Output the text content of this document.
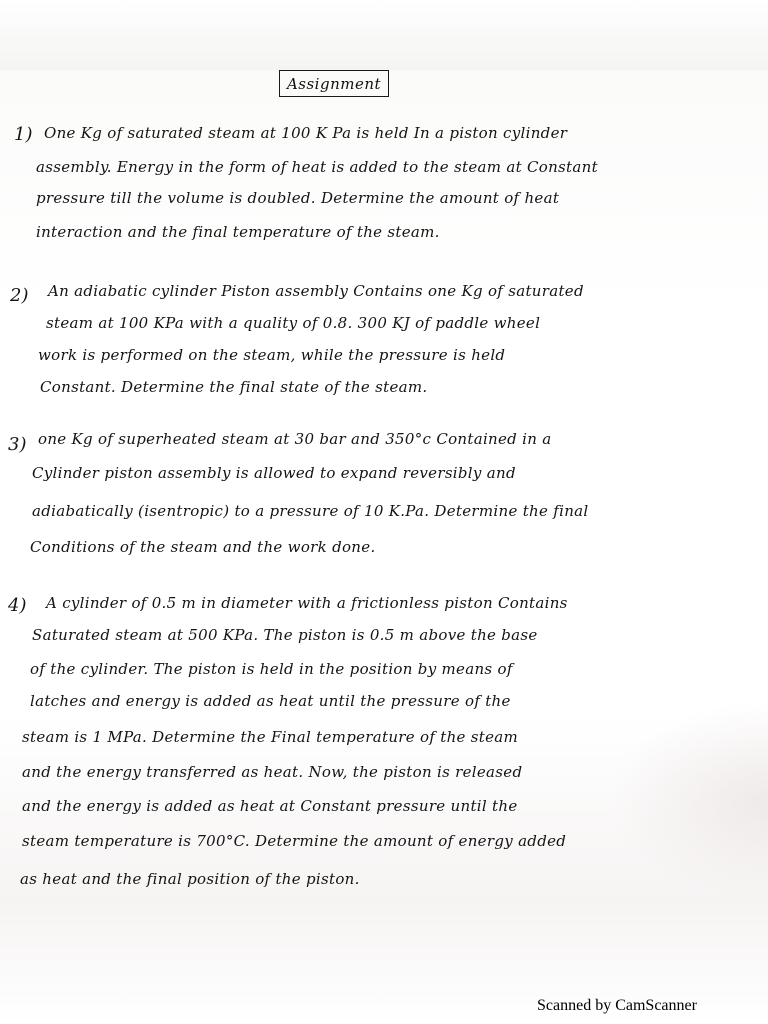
Assignment
1) One Kg of saturated steam at 100 K Pa is held In a piston cylinder
assembly. Energy in the form of heat is added to the steam at Constant
pressure till the volume is doubled. Determine the amount of heat
interaction and the final temperature of the steam.
2) An adiabatic cylinder Piston assembly Contains one Kg of saturated
steam at 100 KPa with a quality of 0.8. 300 KJ of paddle wheel
work is performed on the steam, while the pressure is held
Constant. Determine the final state of the steam.
3) one Kg of superheated steam at 30 bar and 350°c Contained in a
Cylinder piston assembly is allowed to expand reversibly and
adiabatically (isentropic) to a pressure of 10 K.Pa. Determine the final
Conditions of the steam and the work done.
4) A cylinder of 0.5 m in diameter with a frictionless piston Contains
Saturated steam at 500 KPa. The piston is 0.5 m above the base
of the cylinder. The piston is held in the position by means of
latches and energy is added as heat until the pressure of the
steam is 1 MPa. Determine the Final temperature of the steam
and the energy transferred as heat. Now, the piston is released
and the energy is added as heat at Constant pressure until the
steam temperature is 700°C. Determine the amount of energy added
as heat and the final position of the piston.
Scanned by CamScanner
